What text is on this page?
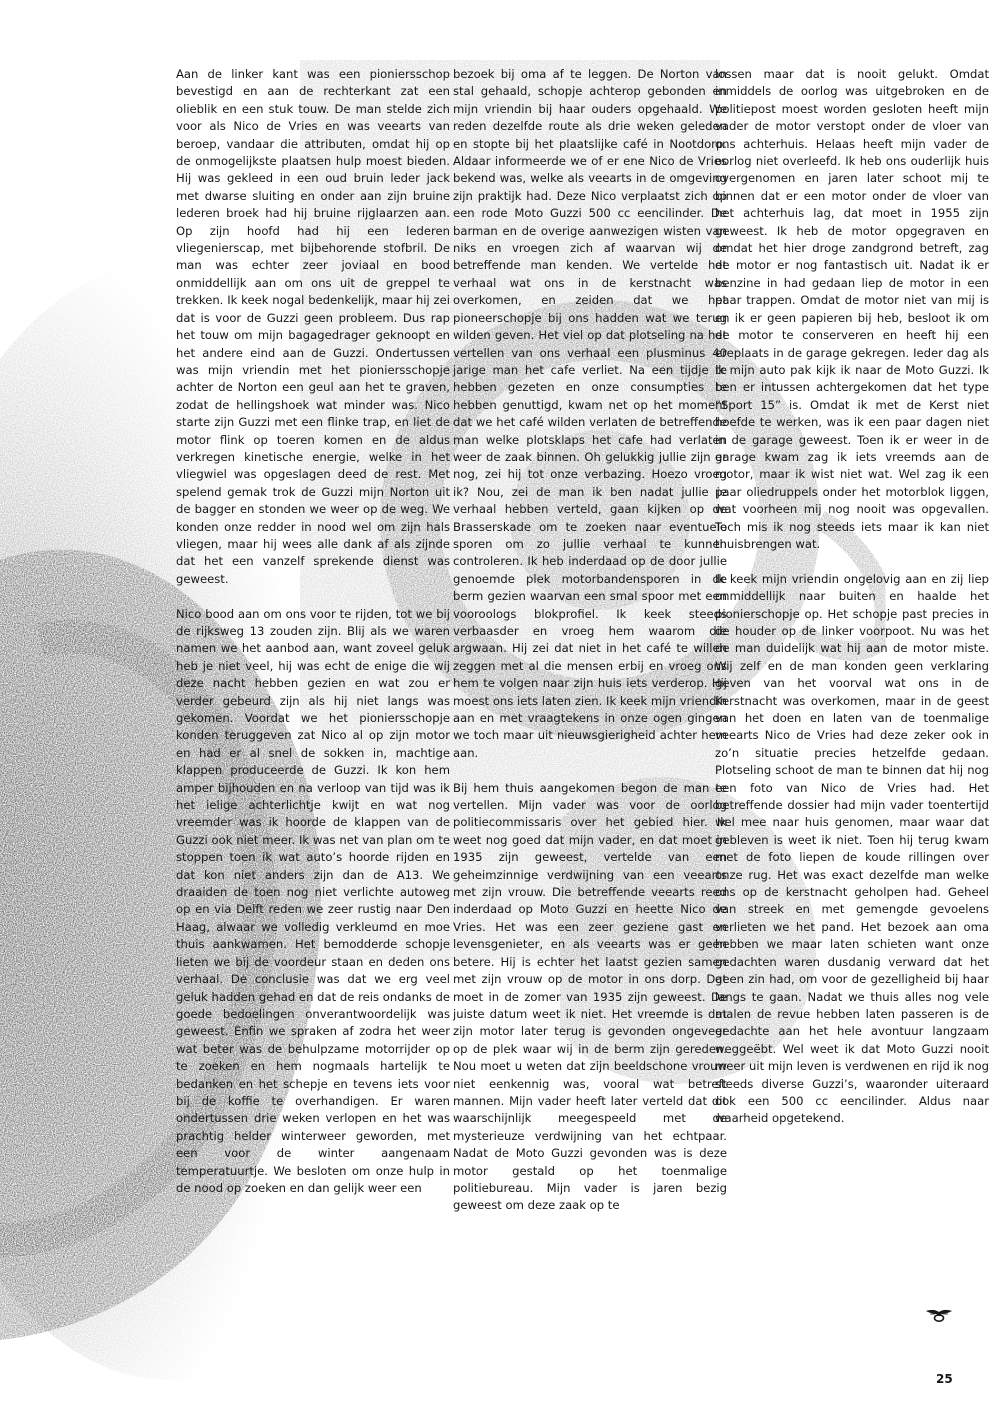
Aan de linker kant was een pioniersschop bevestigd en aan de rechterkant zat een olieblik en een stuk touw. De man stelde zich voor als Nico de Vries en was veearts van beroep, vandaar die attributen, omdat hij op de onmogelijkste plaatsen hulp moest bieden. Hij was gekleed in een oud bruin leder jack met dwarse sluiting en onder aan zijn bruine lederen broek had hij bruine rijglaarzen aan. Op zijn hoofd had hij een lederen vliegenierscap, met bijbehorende stofbril. De man was echter zeer joviaal en bood onmiddellijk aan om ons uit de greppel te trekken. Ik keek nogal bedenkelijk, maar hij zei dat is voor de Guzzi geen probleem. Dus rap het touw om mijn bagagedrager geknoopt en het andere eind aan de Guzzi. Ondertussen was mijn vriendin met het pioniersschopje achter de Norton een geul aan het te graven, zodat de hellingshoek wat minder was. Nico starte zijn Guzzi met een flinke trap, en liet de motor flink op toeren komen en de aldus verkregen kinetische energie, welke in het vliegwiel was opgeslagen deed de rest. Met spelend gemak trok de Guzzi mijn Norton uit de bagger en stonden we weer op de weg. We konden onze redder in nood wel om zijn hals vliegen, maar hij wees alle dank af als zijnde dat het een vanzelf sprekende dienst was geweest.

Nico bood aan om ons voor te rijden, tot we bij de rijksweg 13 zouden zijn. Blij als we waren namen we het aanbod aan, want zoveel geluk heb je niet veel, hij was echt de enige die wij deze nacht hebben gezien en wat zou er verder gebeurd zijn als hij niet langs was gekomen. Voordat we het pioniersschopje konden teruggeven zat Nico al op zijn motor en had er al snel de sokken in, machtige klappen produceerde de Guzzi. Ik kon hem amper bijhouden en na verloop van tijd was ik het ielige achterlichtje kwijt en wat nog vreemder was ik hoorde de klappen van de Guzzi ook niet meer. Ik was net van plan om te stoppen toen ik wat auto’s hoorde rijden en dat kon niet anders zijn dan de A13. We draaiden de toen nog niet verlichte autoweg op en via Delft reden we zeer rustig naar Den Haag, alwaar we volledig verkleumd en moe thuis aankwamen. Het bemodderde schopje lieten we bij de voordeur staan en deden ons verhaal. De conclusie was dat we erg veel geluk hadden gehad en dat de reis ondanks de goede bedoelingen onverantwoordelijk was geweest. Enfin we spraken af zodra het weer wat beter was de behulpzame motorrijder op te zoeken en hem nogmaals hartelijk te bedanken en het schepje en tevens iets voor bij de koffie te overhandigen. Er waren ondertussen drie weken verlopen en het was prachtig helder winterweer geworden, met een voor de winter aangenaam temperatuurtje. We besloten om onze hulp in de nood op zoeken en dan gelijk weer een

bezoek bij oma af te leggen. De Norton van stal gehaald, schopje achterop gebonden en mijn vriendin bij haar ouders opgehaald. We reden dezelfde route als drie weken geleden en stopte bij het plaatslijke café in Nootdorp. Aldaar informeerde we of er ene Nico de Vries bekend was, welke als veearts in de omgeving zijn praktijk had. Deze Nico verplaatst zich op een rode Moto Guzzi 500 cc eencilinder. De barman en de overige aanwezigen wisten van niks en vroegen zich af waarvan wij de betreffende man kenden. We vertelde het verhaal wat ons in de kerstnacht was overkomen, en zeiden dat we het pioneerschopje bij ons hadden wat we terug wilden geven. Het viel op dat plotseling na het vertellen van ons verhaal een plusminus 40 jarige man het cafe verliet. Na een tijdje te hebben gezeten en onze consumpties te hebben genuttigd, kwam net op het moment dat we het café wilden verlaten de betreffende man welke plotsklaps het cafe had verlaten weer de zaak binnen. Oh gelukkig jullie zijn er nog, zei hij tot onze verbazing. Hoezo vroeg ik? Nou, zei de man ik ben nadat jullie je verhaal hebben verteld, gaan kijken op de Brasserskade om te zoeken naar eventuele sporen om zo jullie verhaal te kunnen controleren. Ik heb inderdaad op de door jullie genoemde plek motorbandensporen in de berm gezien waarvan een smal spoor met een vooroologs blokprofiel. Ik keek steeds verbaasder en vroeg hem waarom die argwaan. Hij zei dat niet in het café te willen zeggen met al die mensen erbij en vroeg ons hem te volgen naar zijn huis iets verderop. Hij moest ons iets laten zien. Ik keek mijn vriendin aan en met vraagtekens in onze ogen gingen we toch maar uit nieuwsgierigheid achter hem aan.

Bij hem thuis aangekomen begon de man te vertellen. Mijn vader was voor de oorlog politiecommissaris over het gebied hier. Ik weet nog goed dat mijn vader, en dat moet in 1935 zijn geweest, vertelde van een geheimzinnige verdwijning van een veearts met zijn vrouw. Die betreffende veearts reed inderdaad op Moto Guzzi en heette Nico de Vries. Het was een zeer geziene gast en levensgenieter, en als veearts was er geen betere. Hij is echter het laatst gezien samen met zijn vrouw op de motor in ons dorp. Dat moet in de zomer van 1935 zijn geweest. De juiste datum weet ik niet. Het vreemde is dat zijn motor later terug is gevonden ongeveer op de plek waar wij in de berm zijn gereden. Nou moet u weten dat zijn beeldschone vrouw niet eenkennig was, vooral wat betreft mannen. Mijn vader heeft later verteld dat dit waarschijnlijk meegespeeld met de mysterieuze verdwijning van het echtpaar. Nadat de Moto Guzzi gevonden was is deze motor gestald op het toenmalige politiebureau. Mijn vader is jaren bezig geweest om deze zaak op te

lossen maar dat is nooit gelukt. Omdat inmiddels de oorlog was uitgebroken en de politiepost moest worden gesloten heeft mijn vader de motor verstopt onder de vloer van ons achterhuis. Helaas heeft mijn vader de oorlog niet overleefd. Ik heb ons ouderlijk huis overgenomen en jaren later schoot mij te binnen dat er een motor onder de vloer van het achterhuis lag, dat moet in 1955 zijn geweest. Ik heb de motor opgegraven en omdat het hier droge zandgrond betreft, zag de motor er nog fantastisch uit. Nadat ik er benzine in had gedaan liep de motor in een paar trappen. Omdat de motor niet van mij is en ik er geen papieren bij heb, besloot ik om de motor te conserveren en heeft hij een ereplaats in de garage gekregen. Ieder dag als ik mijn auto pak kijk ik naar de Moto Guzzi. Ik ben er intussen achtergekomen dat het type “Sport 15” is. Omdat ik met de Kerst niet hoefde te werken, was ik een paar dagen niet in de garage geweest. Toen ik er weer in de garage kwam zag ik iets vreemds aan de motor, maar ik wist niet wat. Wel zag ik een paar oliedruppels onder het motorblok liggen, wat voorheen mij nog nooit was opgevallen. Toch mis ik nog steeds iets maar ik kan niet thuisbrengen wat.

Ik keek mijn vriendin ongelovig aan en zij liep onmiddellijk naar buiten en haalde het pionierschopje op. Het schopje past precies in de houder op de linker voorpoot. Nu was het de man duidelijk wat hij aan de motor miste. Wij zelf en de man konden geen verklaring geven van het voorval wat ons in de Kerstnacht was overkomen, maar in de geest van het doen en laten van de toenmalige veearts Nico de Vries had deze zeker ook in zo’n situatie precies hetzelfde gedaan. Plotseling schoot de man te binnen dat hij nog een foto van Nico de Vries had. Het betreffende dossier had mijn vader toentertijd wel mee naar huis genomen, maar waar dat gebleven is weet ik niet. Toen hij terug kwam met de foto liepen de koude rillingen over onze rug. Het was exact dezelfde man welke ons op de kerstnacht geholpen had. Geheel van streek en met gemengde gevoelens verlieten we het pand. Het bezoek aan oma hebben we maar laten schieten want onze gedachten waren dusdanig verward dat het geen zin had, om voor de gezelligheid bij haar langs te gaan. Nadat we thuis alles nog vele malen de revue hebben laten passeren is de gedachte aan het hele avontuur langzaam weggeëbt. Wel weet ik dat Moto Guzzi nooit meer uit mijn leven is verdwenen en rijd ik nog steeds diverse Guzzi’s, waaronder uiteraard ook een 500 cc eencilinder. Aldus naar waarheid opgetekend.

25
